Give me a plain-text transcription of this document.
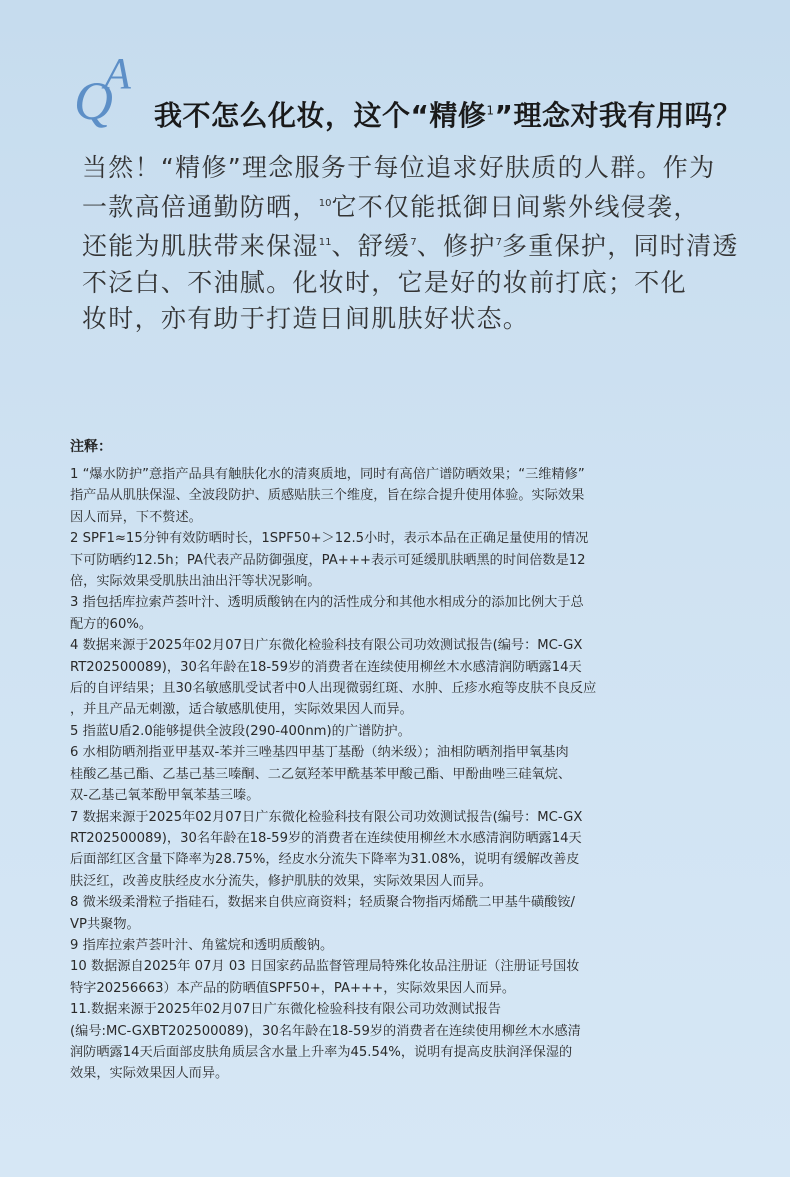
Q
A
我不怎么化妆，这个“精修$^1$”理念对我有用吗？
当然！“精修”理念服务于每位追求好肤质的人群。作为
一款高倍通勤防晒，$^{10}$它不仅能抵御日间紫外线侵袭，
还能为肌肤带来保湿$^{11}$、舒缓$^7$、修护$^7$多重保护，同时清透
不泛白、不油腻。化妆时，它是好的妆前打底；不化
妆时，亦有助于打造日间肌肤好状态。
注释：
1 “爆水防护”意指产品具有触肤化水的清爽质地，同时有高倍广谱防晒效果；“三维精修”
指产品从肌肤保湿、全波段防护、质感贴肤三个维度，旨在综合提升使用体验。实际效果
因人而异，下不赘述。
2 SPF1≈15分钟有效防晒时长，1SPF50+＞12.5小时，表示本品在正确足量使用的情况
下可防晒约12.5h；PA代表产品防御强度，PA+++表示可延缓肌肤晒黑的时间倍数是12
倍，实际效果受肌肤出油出汗等状况影响。
3 指包括库拉索芦荟叶汁、透明质酸钠在内的活性成分和其他水相成分的添加比例大于总
配方的60%。
4 数据来源于2025年02月07日广东微化检验科技有限公司功效测试报告(编号：MC-GX
RT202500089)，30名年龄在18-59岁的消费者在连续使用柳丝木水感清润防晒露14天
后的自评结果；且30名敏感肌受试者中0人出现微弱红斑、水肿、丘疹水疱等皮肤不良反应
，并且产品无刺激，适合敏感肌使用，实际效果因人而异。
5 指蓝U盾2.0能够提供全波段(290-400nm)的广谱防护。
6 水相防晒剂指亚甲基双-苯并三唑基四甲基丁基酚（纳米级）；油相防晒剂指甲氧基肉
桂酸乙基己酯、乙基己基三嗪酮、二乙氨羟苯甲酰基苯甲酸己酯、甲酚曲唑三硅氧烷、
双-乙基己氧苯酚甲氧苯基三嗪。
7 数据来源于2025年02月07日广东微化检验科技有限公司功效测试报告(编号：MC-GX
RT202500089)，30名年龄在18-59岁的消费者在连续使用柳丝木水感清润防晒露14天
后面部红区含量下降率为28.75%，经皮水分流失下降率为31.08%，说明有缓解改善皮
肤泛红，改善皮肤经皮水分流失，修护肌肤的效果，实际效果因人而异。
8 微米级柔滑粒子指硅石，数据来自供应商资料；轻质聚合物指丙烯酰二甲基牛磺酸铵/
VP共聚物。
9 指库拉索芦荟叶汁、角鲨烷和透明质酸钠。
10 数据源自2025年 07月 03 日国家药品监督管理局特殊化妆品注册证（注册证号国妆
特字20256663）本产品的防晒值SPF50+，PA+++，实际效果因人而异。
11.数据来源于2025年02月07日广东微化检验科技有限公司功效测试报告
(编号:MC-GXBT202500089)，30名年龄在18-59岁的消费者在连续使用柳丝木水感清
润防晒露14天后面部皮肤角质层含水量上升率为45.54%，说明有提高皮肤润泽保湿的
效果，实际效果因人而异。
